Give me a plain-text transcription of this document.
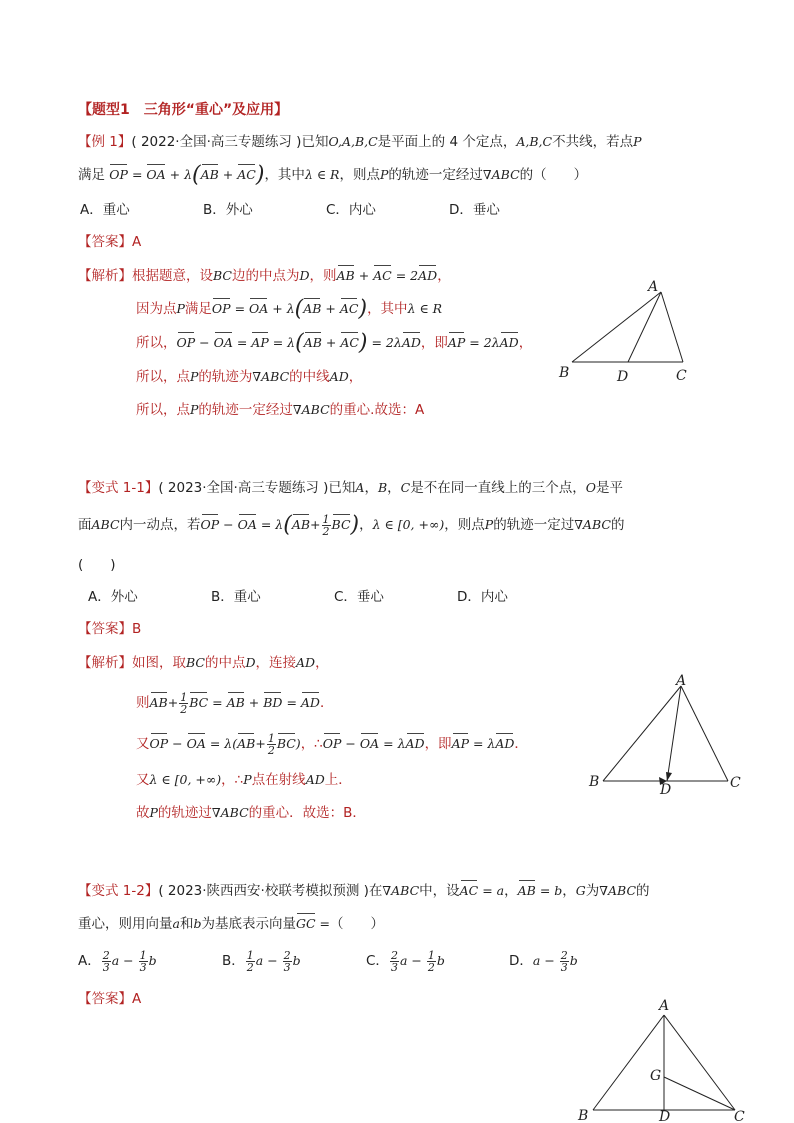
【题型1　三角形“重心”及应用】
【例 1】( 2022·全国·高三专题练习 )已知O,A,B,C是平面上的 4 个定点，A,B,C不共线，若点P
满足 OP = OA + λ(AB + AC)，其中λ ∈ R，则点P的轨迹一定经过∇ABC的（　　）
A．重心	B．外心	C．内心	D．垂心
【答案】A
【解析】根据题意，设BC边的中点为D，则AB + AC = 2AD，
因为点P满足OP = OA + λ(AB + AC)，其中λ ∈ R
所以，OP − OA = AP = λ(AB + AC) = 2λAD，即AP = 2λAD，
所以，点P的轨迹为∇ABC的中线AD，
所以，点P的轨迹一定经过∇ABC的重心.故选：A
A
B	D	C
【变式 1-1】( 2023·全国·高三专题练习 )已知A，B，C是不在同一直线上的三个点，O是平
面ABC内一动点，若OP − OA = $\lambda(AB+ \frac{1}{2} BC)$，λ ∈ [0, +∞)，则点P的轨迹一定过∇ABC的
(　　)
A．外心	B．重心	C．垂心	D．内心
【答案】B
【解析】如图，取BC的中点D，连接AD，
则$AB+ \frac{1}{2}$ BC = AB + BD = AD．
又OP − OA = $\lambda(AB+ \frac{1}{2} BC)$，∴OP − OA = λAD，即AP = λAD．
又λ ∈ [0, +∞)，∴P点在射线AD上．
故P的轨迹过∇ABC的重心．故选：B．
A
B	D	C
【变式 1-2】( 2023·陕西西安·校联考模拟预测 )在∇ABC中，设AC = a，AB = b，G为∇ABC的
重心，则用向量a和b为基底表示向量GC =（　　）
A． $\frac{2}{3}$ $a - \frac{1}{3}$ b	B． $\frac{1}{2}$ $a - \frac{2}{3}$ b	C． $\frac{2}{3}$ $a - \frac{1}{2}$ b	D．$a - \frac{2}{3}$ b
【答案】A	A
G
B	D	C
